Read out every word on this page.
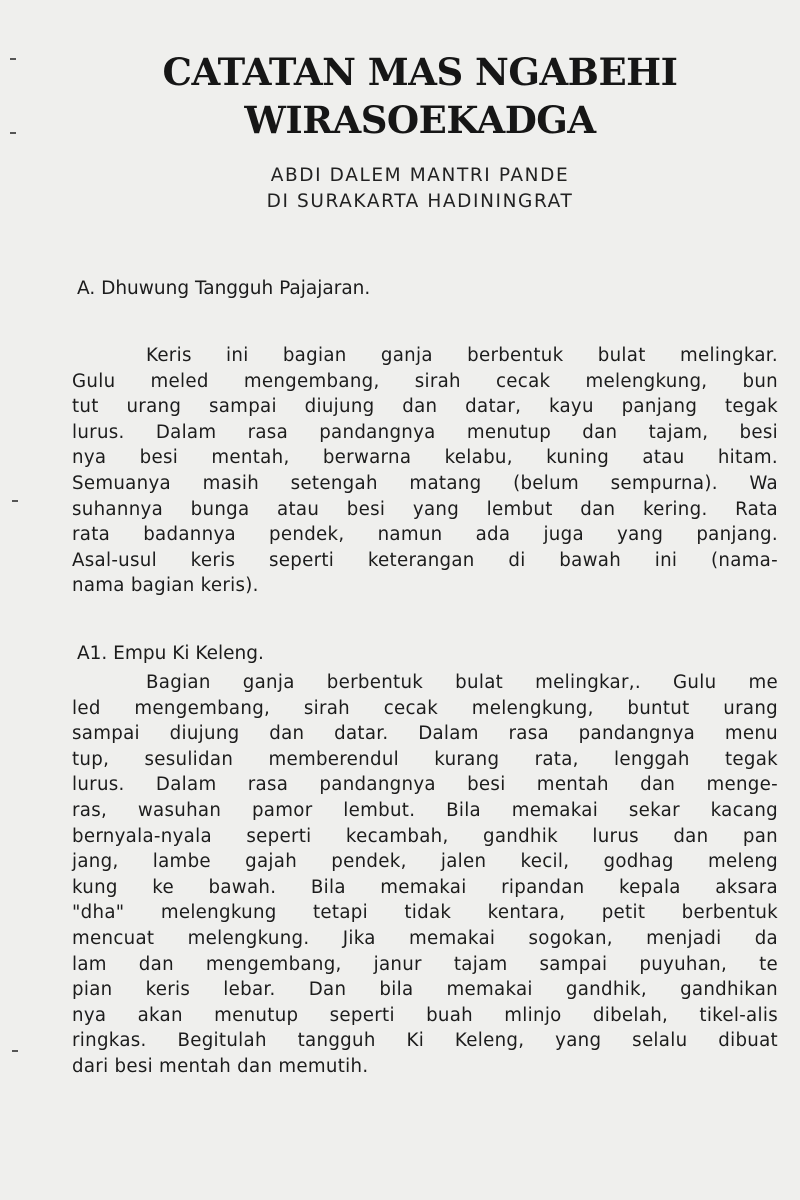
CATATAN MAS NGABEHI
WIRASOEKADGA
ABDI DALEM MANTRI PANDE
DI SURAKARTA HADININGRAT
A. Dhuwung Tangguh Pajajaran.
Keris ini bagian ganja berbentuk bulat melingkar.
Gulu meled mengembang, sirah cecak melengkung, bun
tut urang sampai diujung dan datar, kayu panjang tegak
lurus. Dalam rasa pandangnya menutup dan tajam, besi
nya besi mentah, berwarna kelabu, kuning atau hitam.
Semuanya masih setengah matang (belum sempurna). Wa
suhannya bunga atau besi yang lembut dan kering. Rata
rata badannya pendek, namun ada juga yang panjang.
Asal-usul keris seperti keterangan di bawah ini (nama-
nama bagian keris).
A1. Empu Ki Keleng.
Bagian ganja berbentuk bulat melingkar,. Gulu me
led mengembang, sirah cecak melengkung, buntut urang
sampai diujung dan datar. Dalam rasa pandangnya menu
tup, sesulidan memberendul kurang rata, lenggah tegak
lurus. Dalam rasa pandangnya besi mentah dan menge-
ras, wasuhan pamor lembut. Bila memakai sekar kacang
bernyala-nyala seperti kecambah, gandhik lurus dan pan
jang, lambe gajah pendek, jalen kecil, godhag meleng
kung ke bawah. Bila memakai ripandan kepala aksara
"dha" melengkung tetapi tidak kentara, petit berbentuk
mencuat melengkung. Jika memakai sogokan, menjadi da
lam dan mengembang, janur tajam sampai puyuhan, te
pian keris lebar. Dan bila memakai gandhik, gandhikan
nya akan menutup seperti buah mlinjo dibelah, tikel-alis
ringkas. Begitulah tangguh Ki Keleng, yang selalu dibuat
dari besi mentah dan memutih.
